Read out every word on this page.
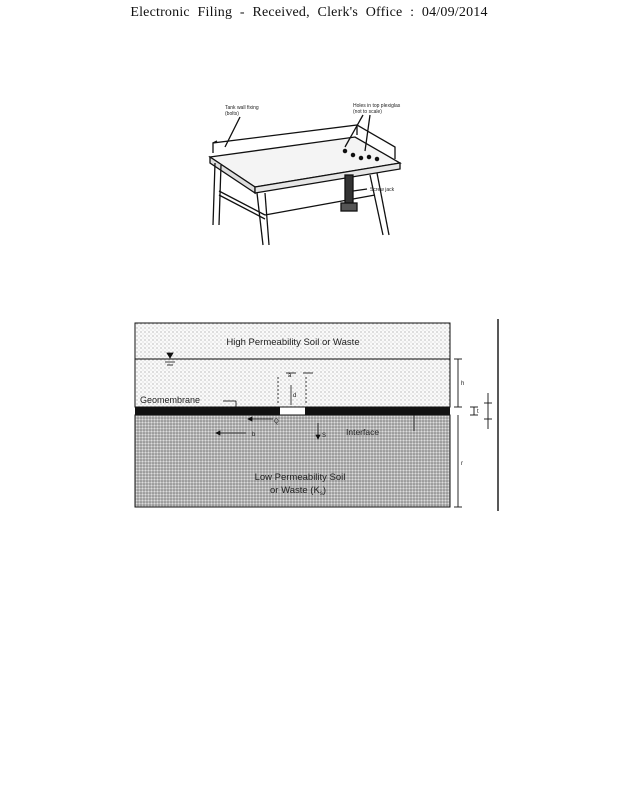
Electronic Filing - Received, Clerk's Office : 04/09/2014
Tank wall fixing
(bolts)
Holes in top plexiglas
(not to scale)
Screw jack
High Permeability Soil or Waste
Geomembrane
Interface
Low Permeability Soil
or Waste $(K_s)$
a
b
d
Q
S
h
t
r
